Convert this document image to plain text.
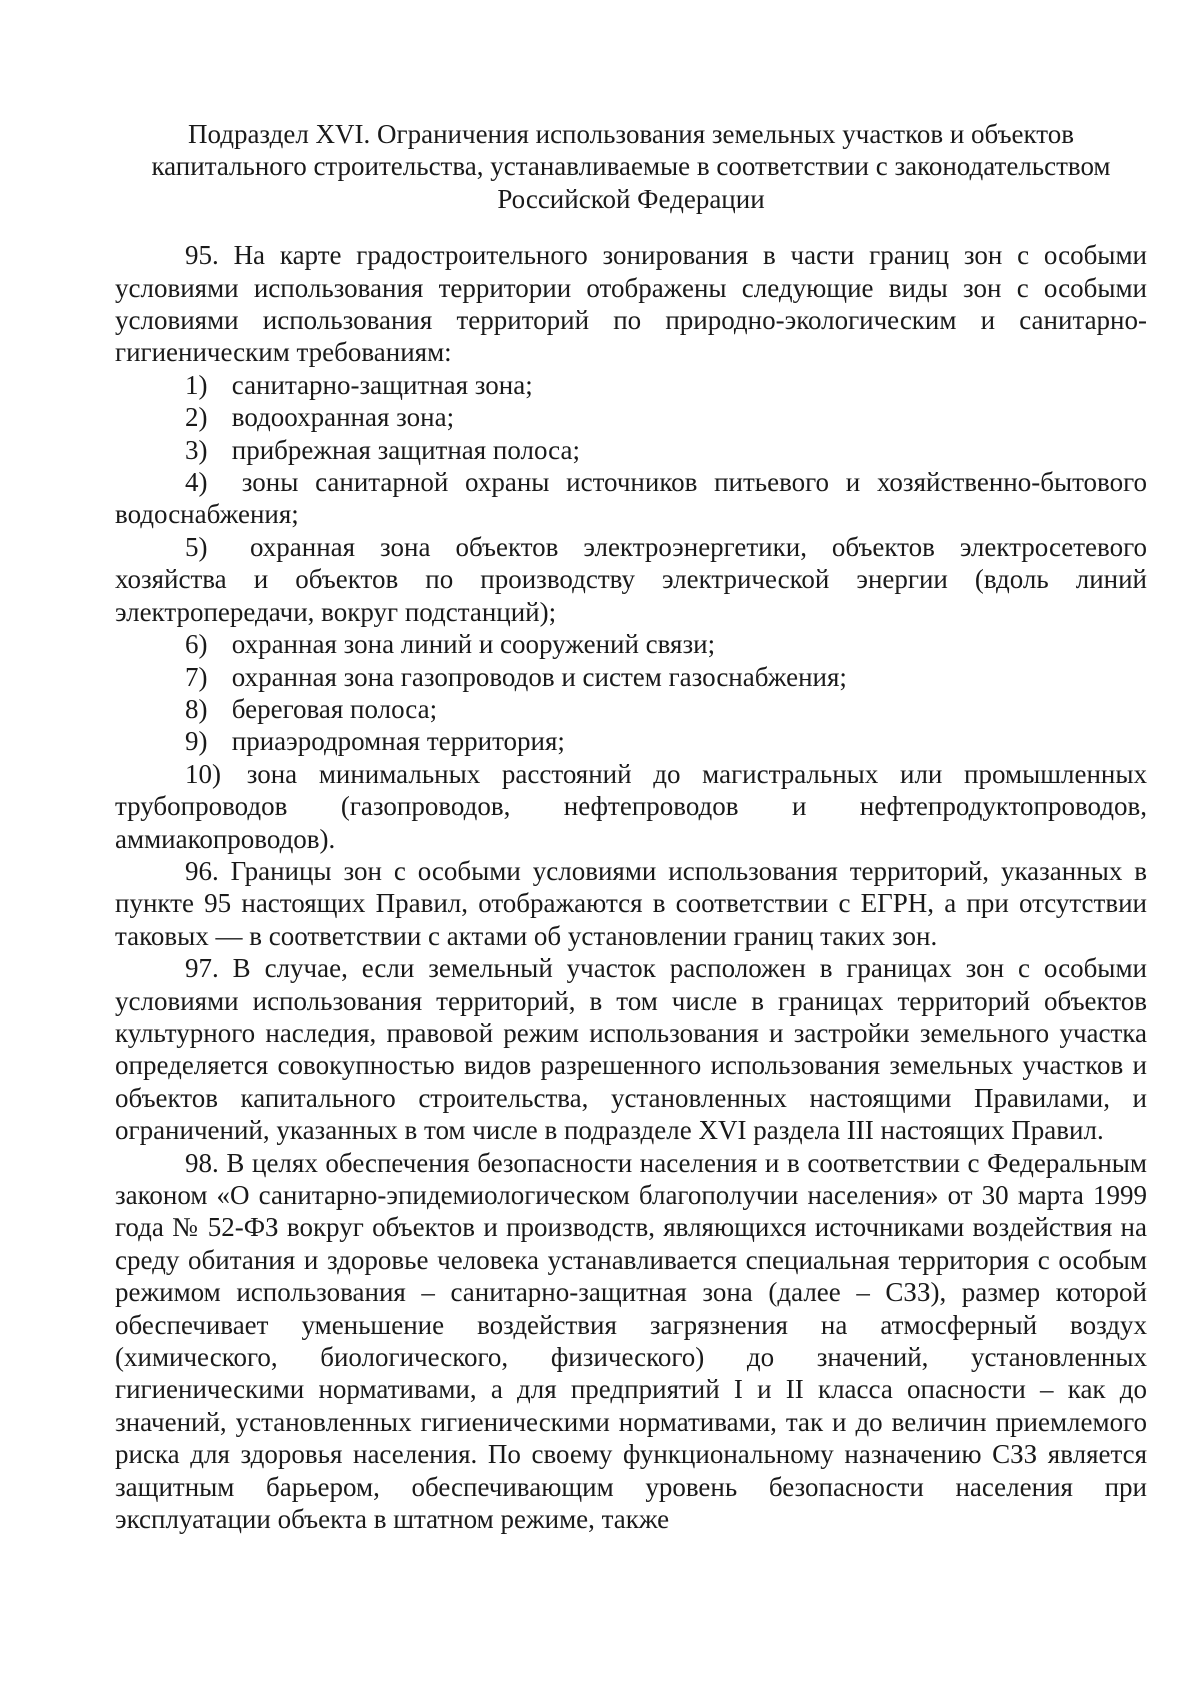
Подраздел XVI. Ограничения использования земельных участков и объектов
капитального строительства, устанавливаемые в соответствии с законодательством
Российской Федерации

95. На карте градостроительного зонирования в части границ зон с особыми условиями использования территории отображены следующие виды зон с особыми условиями использования территорий по природно-экологическим и санитарно-гигиеническим требованиям:

1) санитарно-защитная зона;
2) водоохранная зона;
3) прибрежная защитная полоса;
4) зоны санитарной охраны источников питьевого и хозяйственно-бытового водоснабжения;
5) охранная зона объектов электроэнергетики, объектов электросетевого хозяйства и объектов по производству электрической энергии (вдоль линий электропередачи, вокруг подстанций);
6) охранная зона линий и сооружений связи;
7) охранная зона газопроводов и систем газоснабжения;
8) береговая полоса;
9) приаэродромная территория;
10) зона минимальных расстояний до магистральных или промышленных трубопроводов (газопроводов, нефтепроводов и нефтепродуктопроводов, аммиакопроводов).

96. Границы зон с особыми условиями использования территорий, указанных в пункте 95 настоящих Правил, отображаются в соответствии с ЕГРН, а при отсутствии таковых — в соответствии с актами об установлении границ таких зон.

97. В случае, если земельный участок расположен в границах зон с особыми условиями использования территорий, в том числе в границах территорий объектов культурного наследия, правовой режим использования и застройки земельного участка определяется совокупностью видов разрешенного использования земельных участков и объектов капитального строительства, установленных настоящими Правилами, и ограничений, указанных в том числе в подразделе XVI раздела III настоящих Правил.

98. В целях обеспечения безопасности населения и в соответствии с Федеральным законом «О санитарно-эпидемиологическом благополучии населения» от 30 марта 1999 года № 52-ФЗ вокруг объектов и производств, являющихся источниками воздействия на среду обитания и здоровье человека устанавливается специальная территория с особым режимом использования – санитарно-защитная зона (далее – СЗЗ), размер которой обеспечивает уменьшение воздействия загрязнения на атмосферный воздух (химического, биологического, физического) до значений, установленных гигиеническими нормативами, а для предприятий I и II класса опасности – как до значений, установленных гигиеническими нормативами, так и до величин приемлемого риска для здоровья населения. По своему функциональному назначению СЗЗ является защитным барьером, обеспечивающим уровень безопасности населения при эксплуатации объекта в штатном режиме, также
